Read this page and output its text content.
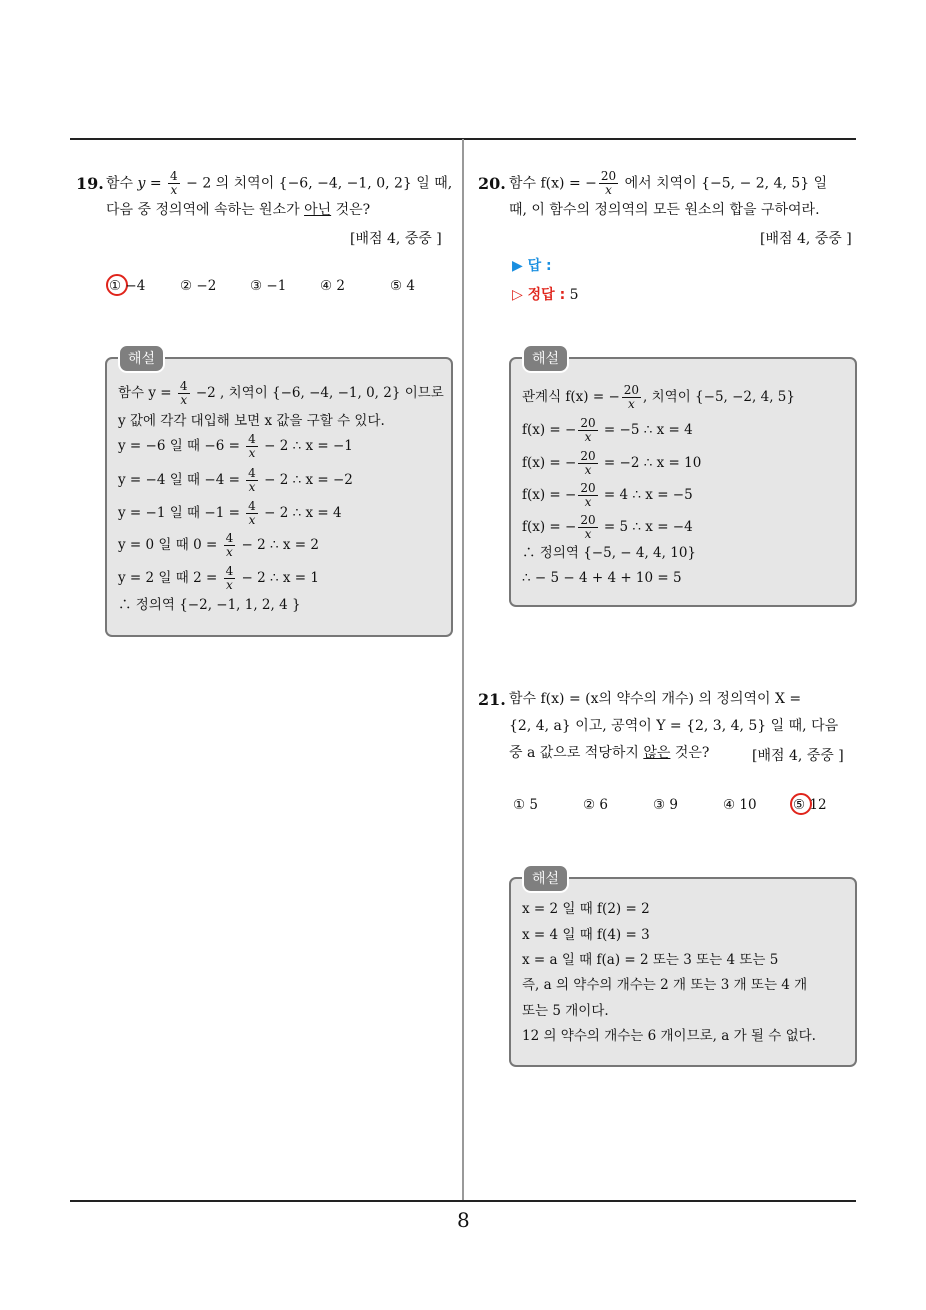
19. 함수 $y = \frac{4}{x} - 2$ 의 치역이 {−6, −4, −1, 0, 2} 일 때,
다음 중 정의역에 속하는 원소가 아닌 것은?
[배점 4, 중중 ]
① −4	② −2 ③ −1 ④ 2	⑤ 4
해설
함수 $y = \frac{4}{x} -2$ , 치역이 {−6, −4, −1, 0, 2} 이므로
y 값에 각각 대입해 보면 x 값을 구할 수 있다.
y = −6 일 때 $-6 = \frac{4}{x} - 2$ ∴ x = −1
y = −4 일 때 $-4 = \frac{4}{x} - 2$ ∴ x = −2
y = −1 일 때 $-1 = \frac{4}{x} - 2$ ∴ x = 4
y = 0 일 때 $0 = \frac{4}{x} - 2$ ∴ x = 2
y = 2 일 때 $2 = \frac{4}{x} - 2$ ∴ x = 1
∴ 정의역 {−2, −1, 1, 2, 4 }
20. 함수 f(x) = − $\frac{20}{x}$ 에서 치역이 {−5, − 2, 4, 5} 일
때, 이 함수의 정의역의 모든 원소의 합을 구하여라.
[배점 4, 중중 ]
▶ 답 :
▷ 정답 : 5
해설
관계식 f(x) = − $\frac{20}{x}$ , 치역이 {−5, −2, 4, 5}
f(x) = − $\frac{20}{x} = -5$ ∴ x = 4
f(x) = − $\frac{20}{x} = -2$ ∴ x = 10
f(x) = − $\frac{20}{x} = 4$ ∴ x = −5
f(x) = − $\frac{20}{x} = 5$ ∴ x = −4
∴ 정의역 {−5, − 4, 4, 10}
∴ − 5 − 4 + 4 + 10 = 5
21. 함수 f(x) = (x의 약수의 개수) 의 정의역이 X =
{2, 4, a} 이고, 공역이 Y = {2, 3, 4, 5} 일 때, 다음
중 a 값으로 적당하지 않은 것은?	[배점 4, 중중 ]
① 5	② 6	③ 9	④ 10	⑤ 12
해설
x = 2 일 때 f(2) = 2
x = 4 일 때 f(4) = 3
x = a 일 때 f(a) = 2 또는 3 또는 4 또는 5
즉, a 의 약수의 개수는 2 개 또는 3 개 또는 4 개
또는 5 개이다.
12 의 약수의 개수는 6 개이므로, a 가 될 수 없다.
8
